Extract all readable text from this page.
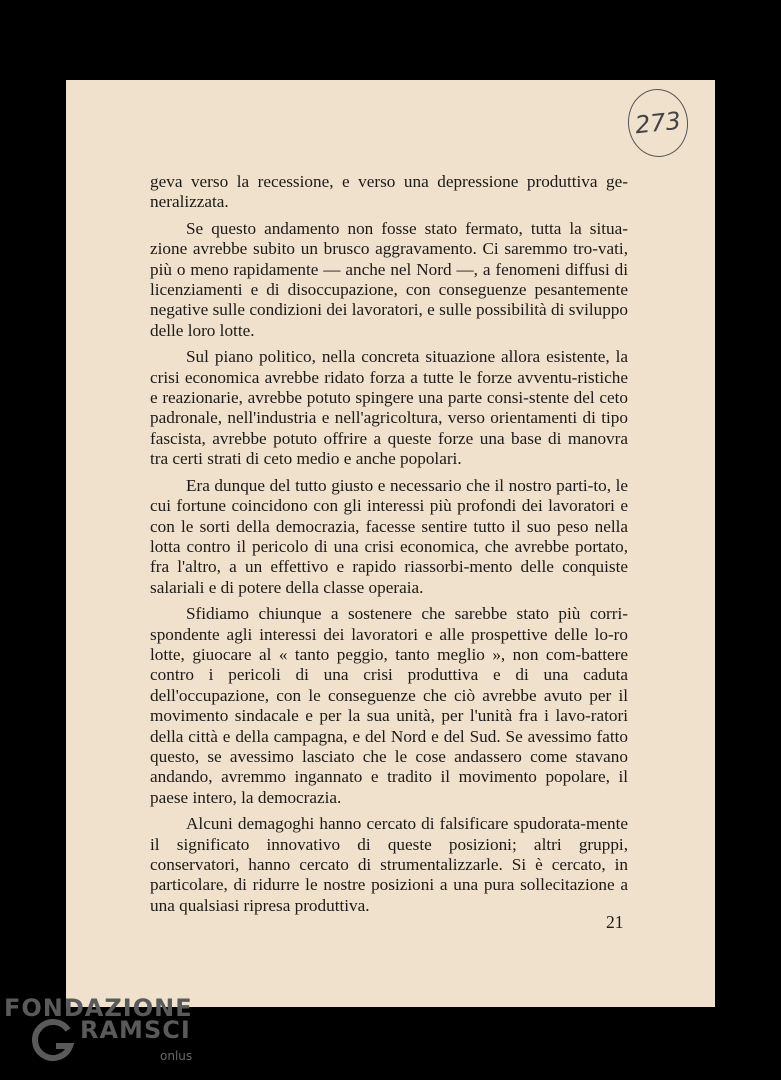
273

geva verso la recessione, e verso una depressione produttiva ge-neralizzata.

Se questo andamento non fosse stato fermato, tutta la situa-zione avrebbe subito un brusco aggravamento. Ci saremmo tro-vati, più o meno rapidamente — anche nel Nord —, a fenomeni diffusi di licenziamenti e di disoccupazione, con conseguenze pesantemente negative sulle condizioni dei lavoratori, e sulle possibilità di sviluppo delle loro lotte.

Sul piano politico, nella concreta situazione allora esistente, la crisi economica avrebbe ridato forza a tutte le forze avventu-ristiche e reazionarie, avrebbe potuto spingere una parte consi-stente del ceto padronale, nell'industria e nell'agricoltura, verso orientamenti di tipo fascista, avrebbe potuto offrire a queste forze una base di manovra tra certi strati di ceto medio e anche popolari.

Era dunque del tutto giusto e necessario che il nostro parti-to, le cui fortune coincidono con gli interessi più profondi dei lavoratori e con le sorti della democrazia, facesse sentire tutto il suo peso nella lotta contro il pericolo di una crisi economica, che avrebbe portato, fra l'altro, a un effettivo e rapido riassorbi-mento delle conquiste salariali e di potere della classe operaia.

Sfidiamo chiunque a sostenere che sarebbe stato più corri-spondente agli interessi dei lavoratori e alle prospettive delle lo-ro lotte, giuocare al « tanto peggio, tanto meglio », non com-battere contro i pericoli di una crisi produttiva e di una caduta dell'occupazione, con le conseguenze che ciò avrebbe avuto per il movimento sindacale e per la sua unità, per l'unità fra i lavo-ratori della città e della campagna, e del Nord e del Sud. Se avessimo fatto questo, se avessimo lasciato che le cose andassero come stavano andando, avremmo ingannato e tradito il movimento popolare, il paese intero, la democrazia.

Alcuni demagoghi hanno cercato di falsificare spudorata-mente il significato innovativo di queste posizioni; altri gruppi, conservatori, hanno cercato di strumentalizzarle. Si è cercato, in particolare, di ridurre le nostre posizioni a una pura sollecitazione a una qualsiasi ripresa produttiva.

21
FONDAZIONE
RAMSCI
onlus
